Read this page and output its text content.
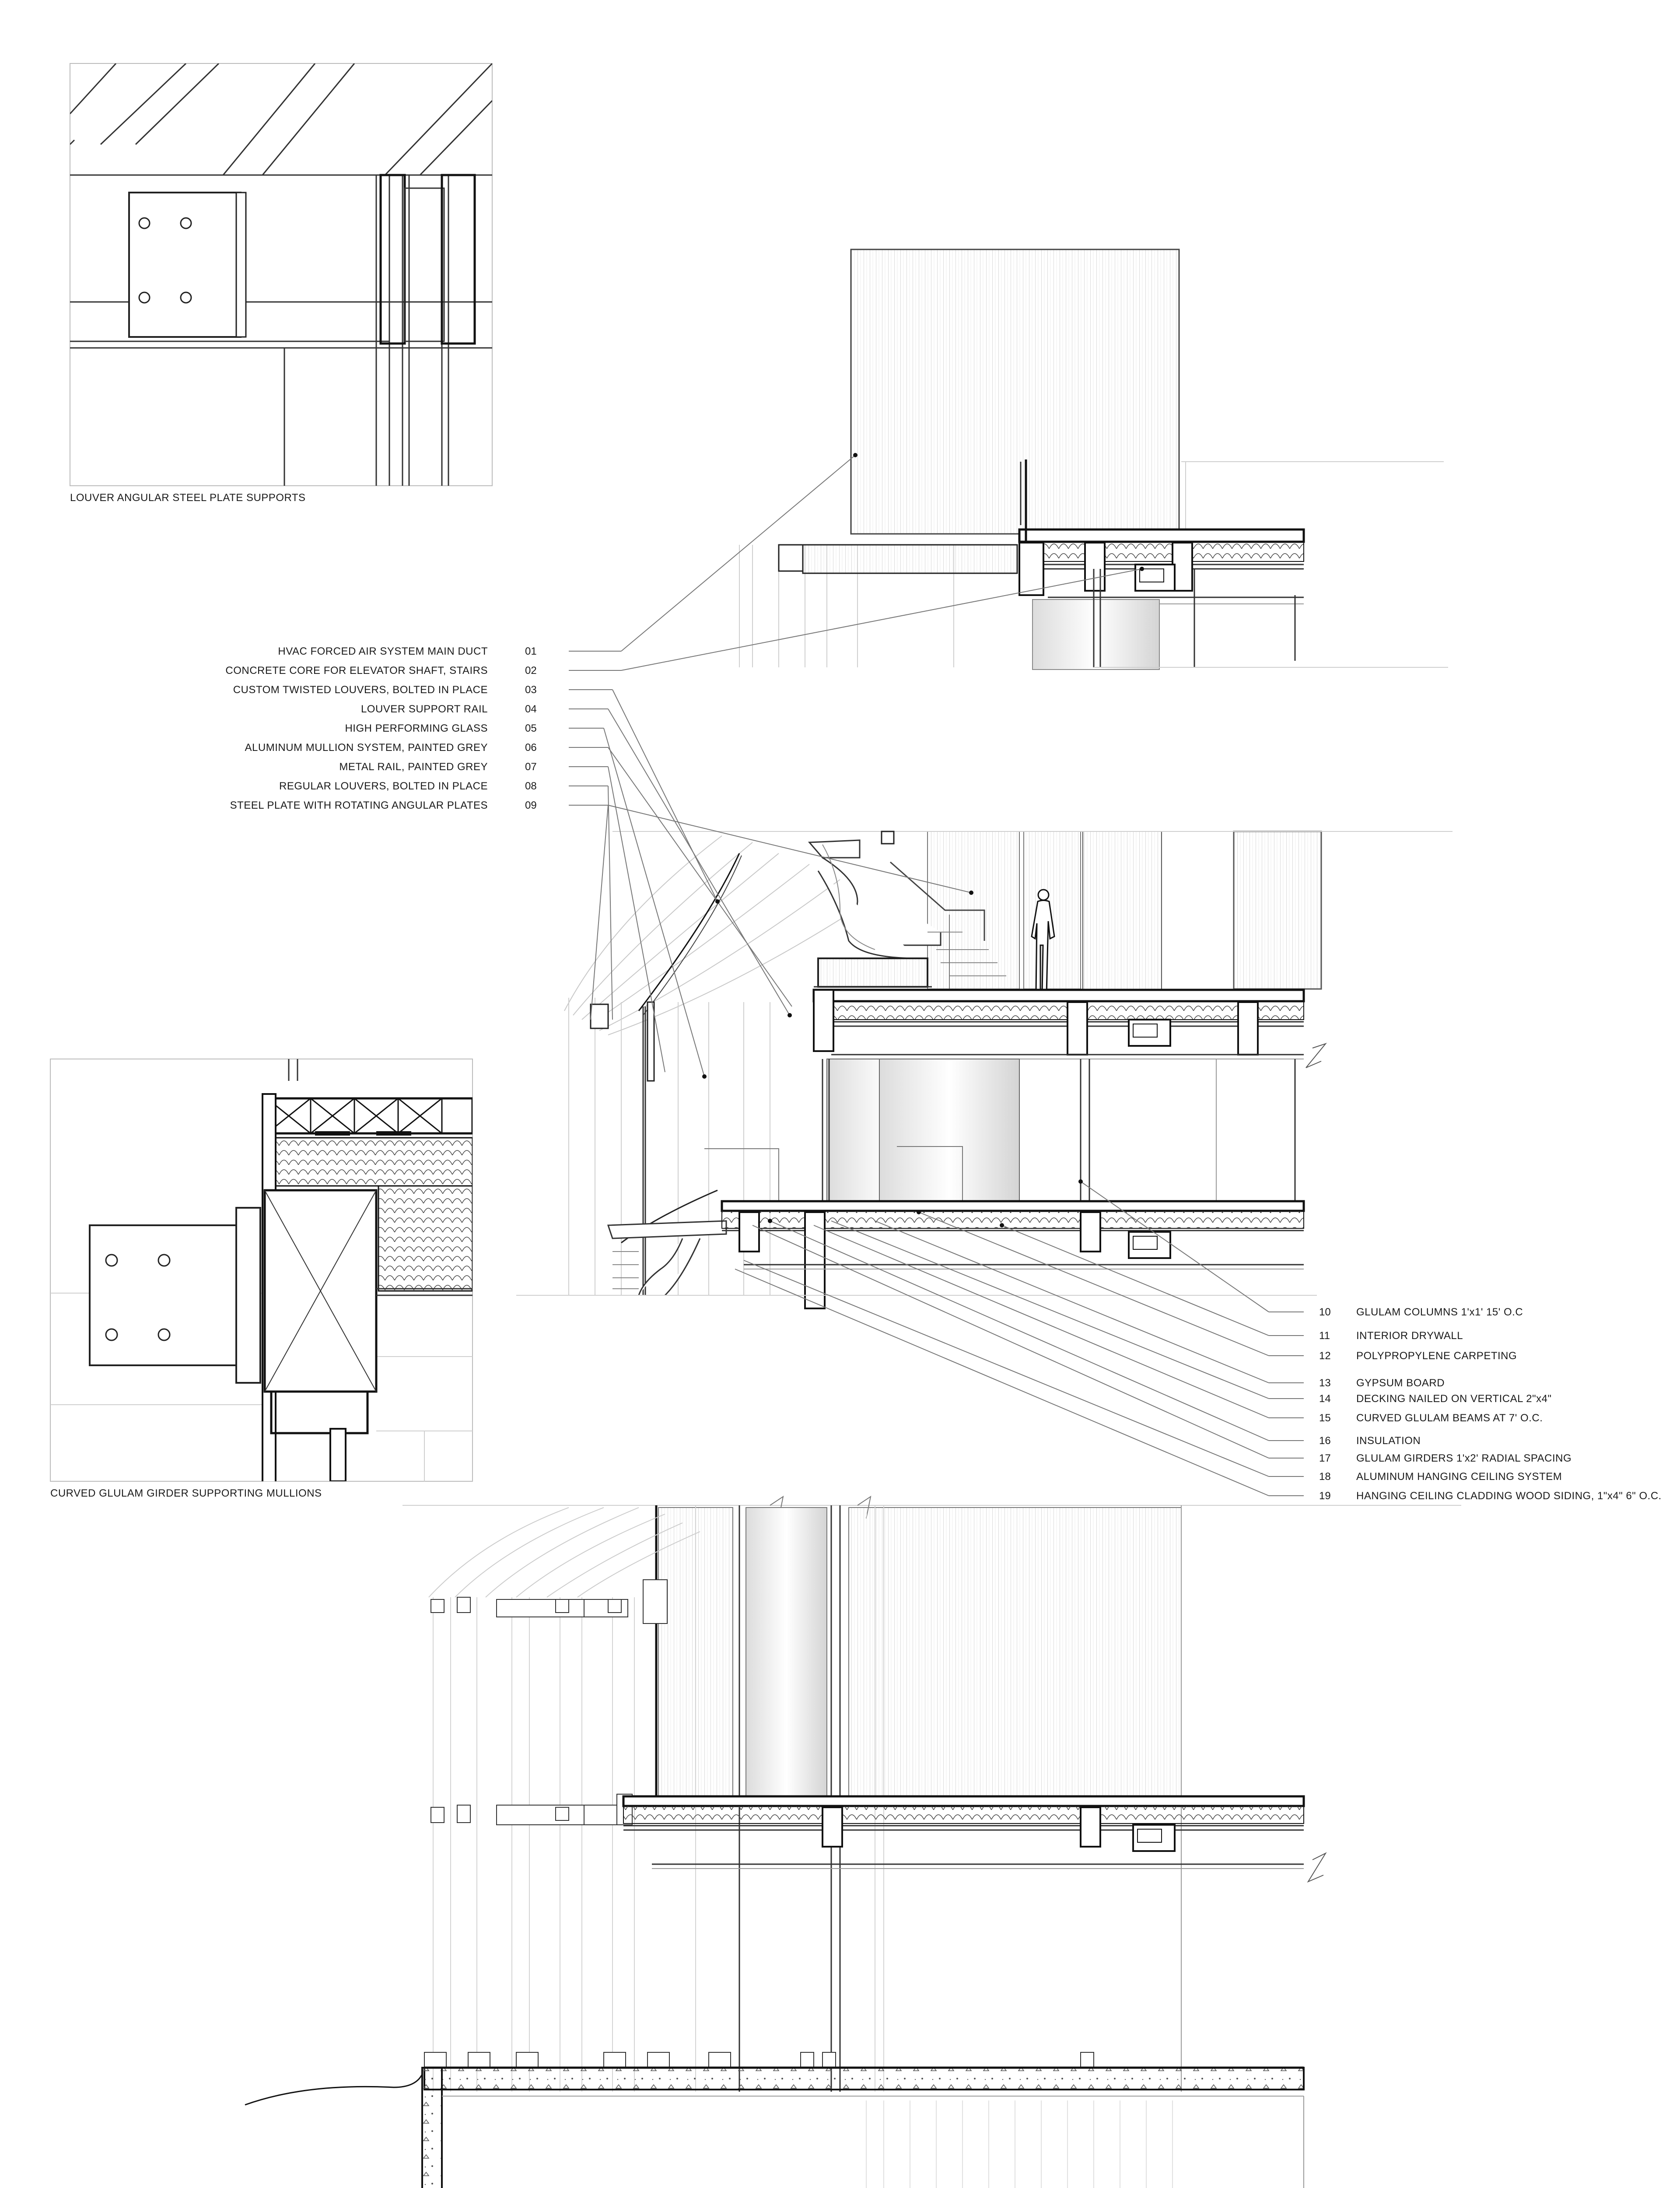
LOUVER ANGULAR STEEL PLATE SUPPORTS
CURVED GLULAM GIRDER SUPPORTING MULLIONS
HVAC FORCED AIR SYSTEM MAIN DUCT	01
CONCRETE CORE FOR ELEVATOR SHAFT, STAIRS	02
CUSTOM TWISTED LOUVERS, BOLTED IN PLACE	03
LOUVER SUPPORT RAIL	04
HIGH PERFORMING GLASS	05
ALUMINUM MULLION SYSTEM, PAINTED GREY	06
METAL RAIL, PAINTED GREY	07
REGULAR LOUVERS, BOLTED IN PLACE	08
STEEL PLATE WITH ROTATING ANGULAR PLATES	09
10 GLULAM COLUMNS 1'x1' 15' O.C
11	INTERIOR DRYWALL
12 POLYPROPYLENE CARPETING
13 GYPSUM BOARD
14 DECKING NAILED ON VERTICAL 2"x4"
15 CURVED GLULAM BEAMS AT 7' O.C.
16 INSULATION
17 GLULAM GIRDERS 1'x2' RADIAL SPACING
18 ALUMINUM HANGING CEILING SYSTEM
19 HANGING CEILING CLADDING WOOD SIDING, 1"x4" 6" O.C.
